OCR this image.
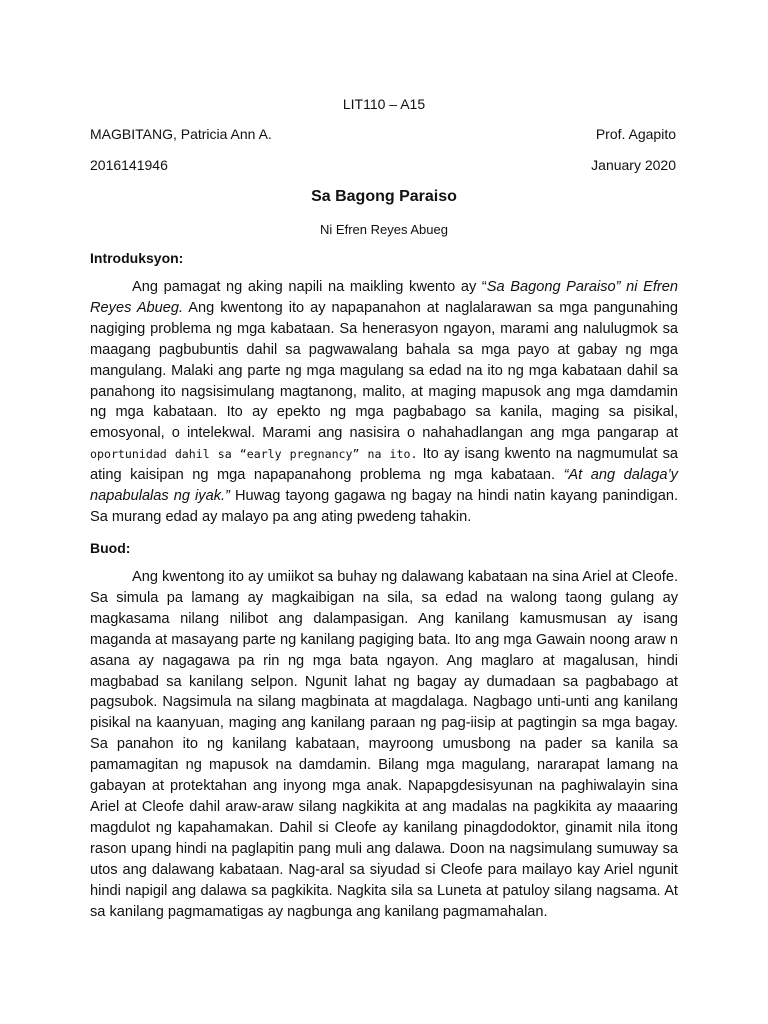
LIT110 – A15
MAGBITANG, Patricia Ann A.	Prof. Agapito
2016141946	January 2020
Sa Bagong Paraiso
Ni Efren Reyes Abueg
Introduksyon:

Ang pamagat ng aking napili na maikling kwento ay “Sa Bagong Paraiso” ni Efren Reyes Abueg. Ang kwentong ito ay napapanahon at naglalarawan sa mga pangunahing nagiging problema ng mga kabataan. Sa henerasyon ngayon, marami ang nalulugmok sa maagang pagbubuntis dahil sa pagwawalang bahala sa mga payo at gabay ng mga mangulang. Malaki ang parte ng mga magulang sa edad na ito ng mga kabataan dahil sa panahong ito nagsisimulang magtanong, malito, at maging mapusok ang mga damdamin ng mga kabataan. Ito ay epekto ng mga pagbabago sa kanila, maging sa pisikal, emosyonal, o intelekwal. Marami ang nasisira o nahahadlangan ang mga pangarap at oportunidad dahil sa “early pregnancy” na ito. Ito ay isang kwento na nagmumulat sa ating kaisipan ng mga napapanahong problema ng mga kabataan. “At ang dalaga’y napabulalas ng iyak.” Huwag tayong gagawa ng bagay na hindi natin kayang panindigan. Sa murang edad ay malayo pa ang ating pwedeng tahakin.

Buod:

Ang kwentong ito ay umiikot sa buhay ng dalawang kabataan na sina Ariel at Cleofe. Sa simula pa lamang ay magkaibigan na sila, sa edad na walong taong gulang ay magkasama nilang nilibot ang dalampasigan. Ang kanilang kamusmusan ay isang maganda at masayang parte ng kanilang pagiging bata. Ito ang mga Gawain noong araw n asana ay nagagawa pa rin ng mga bata ngayon. Ang maglaro at magalusan, hindi magbabad sa kanilang selpon. Ngunit lahat ng bagay ay dumadaan sa pagbabago at pagsubok. Nagsimula na silang magbinata at magdalaga. Nagbago unti-unti ang kanilang pisikal na kaanyuan, maging ang kanilang paraan ng pag-iisip at pagtingin sa mga bagay. Sa panahon ito ng kanilang kabataan, mayroong umusbong na pader sa kanila sa pamamagitan ng mapusok na damdamin. Bilang mga magulang, nararapat lamang na gabayan at protektahan ang inyong mga anak. Napapgdesisyunan na paghiwalayin sina Ariel at Cleofe dahil araw-araw silang nagkikita at ang madalas na pagkikita ay maaaring magdulot ng kapahamakan. Dahil si Cleofe ay kanilang pinagdodoktor, ginamit nila itong rason upang hindi na paglapitin pang muli ang dalawa. Doon na nagsimulang sumuway sa utos ang dalawang kabataan. Nag-aral sa siyudad si Cleofe para mailayo kay Ariel ngunit hindi napigil ang dalawa sa pagkikita. Nagkita sila sa Luneta at patuloy silang nagsama. At sa kanilang pagmamatigas ay nagbunga ang kanilang pagmamahalan.
